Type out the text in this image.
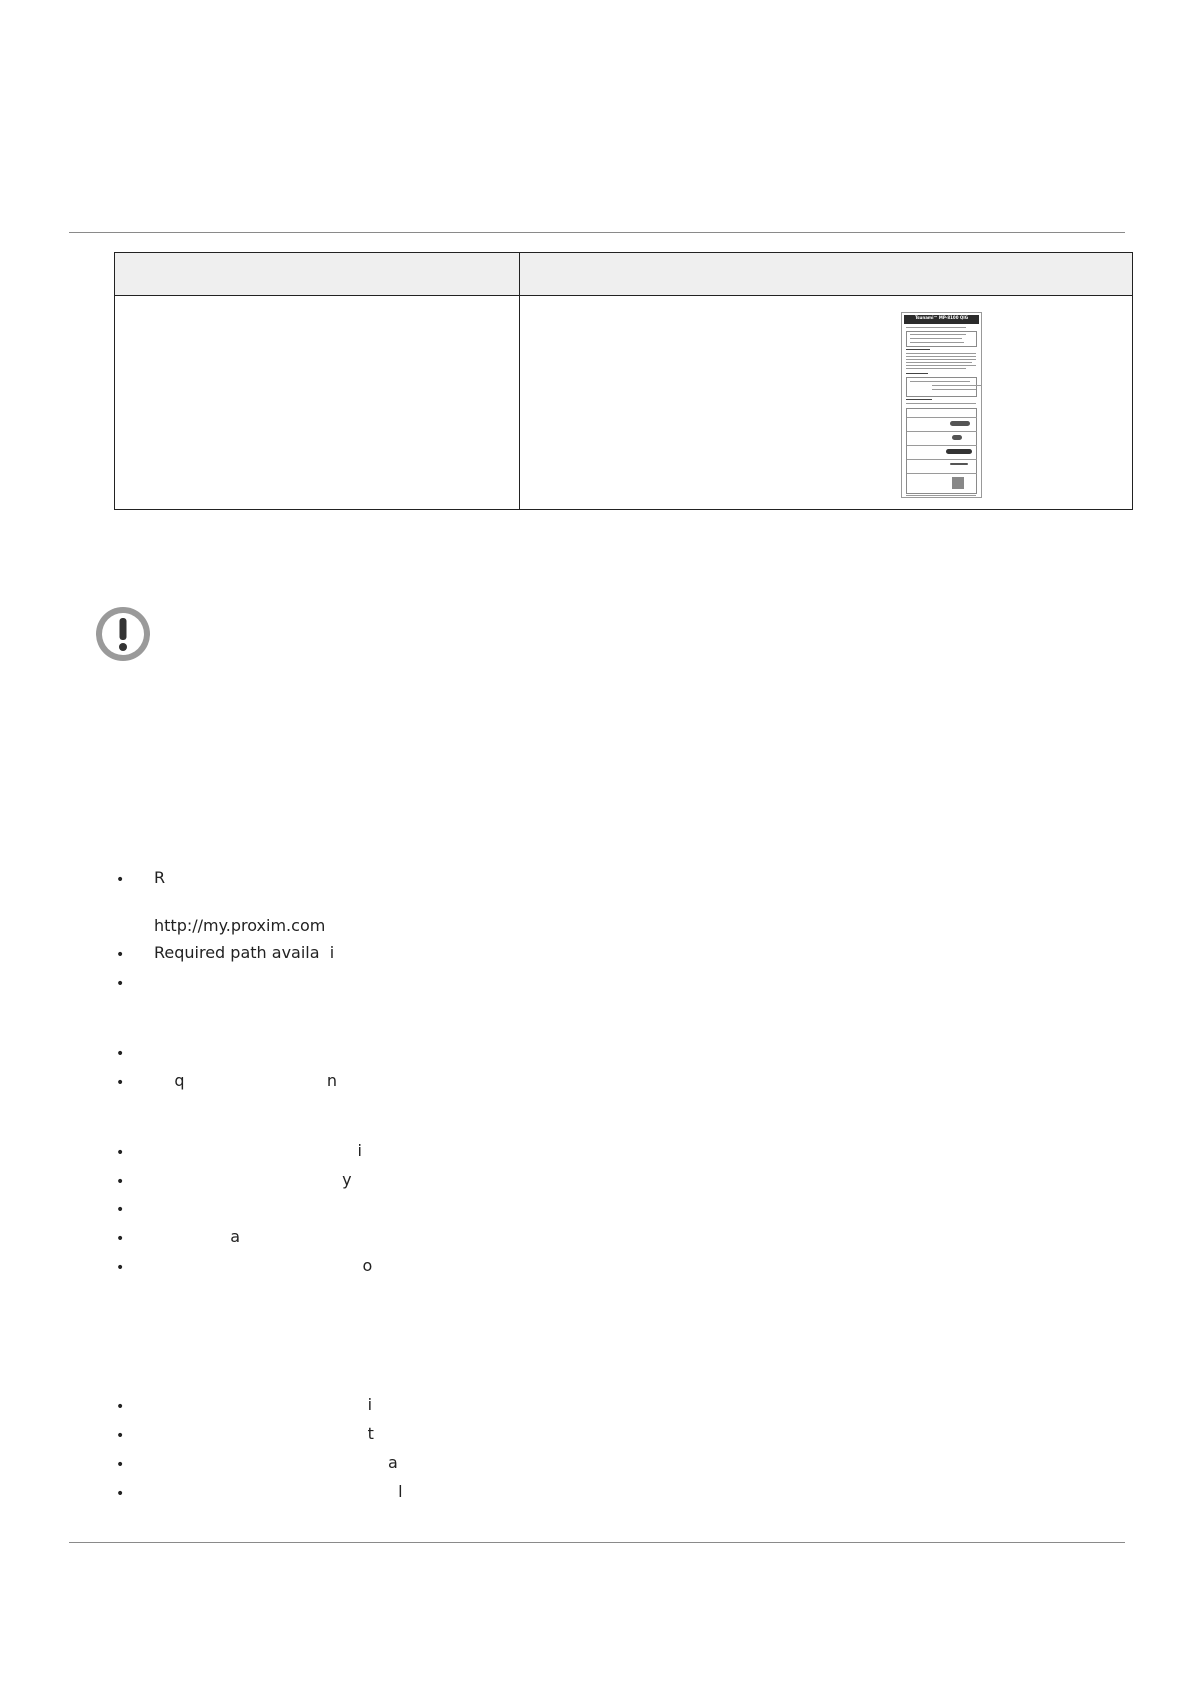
Tsunami™ MP-8100 QIG
• R
http://my.proxim.com
• Required path availa  i
•
•
• q                            n
• i
• y
•
• a
• o
• i
• t
• a
• l
